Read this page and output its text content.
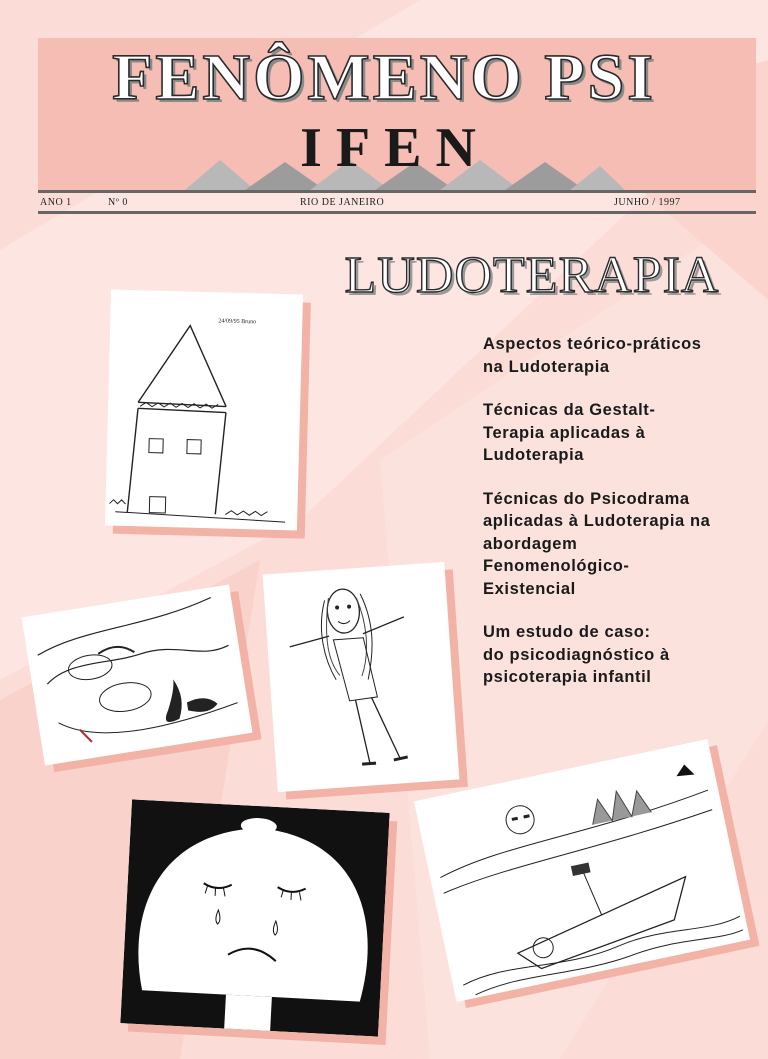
FENÔMENO PSI
IFEN
ANO 1	Nº 0	RIO DE JANEIRO	JUNHO / 1997
LUDOTERAPIA
Aspectos teórico-práticos
na Ludoterapia
Técnicas da Gestalt-
Terapia aplicadas à
Ludoterapia
Técnicas do Psicodrama
aplicadas à Ludoterapia na
abordagem
Fenomenológico-
Existencial
Um estudo de caso:
do psicodiagnóstico à
psicoterapia infantil
24/09/95 Bruno
